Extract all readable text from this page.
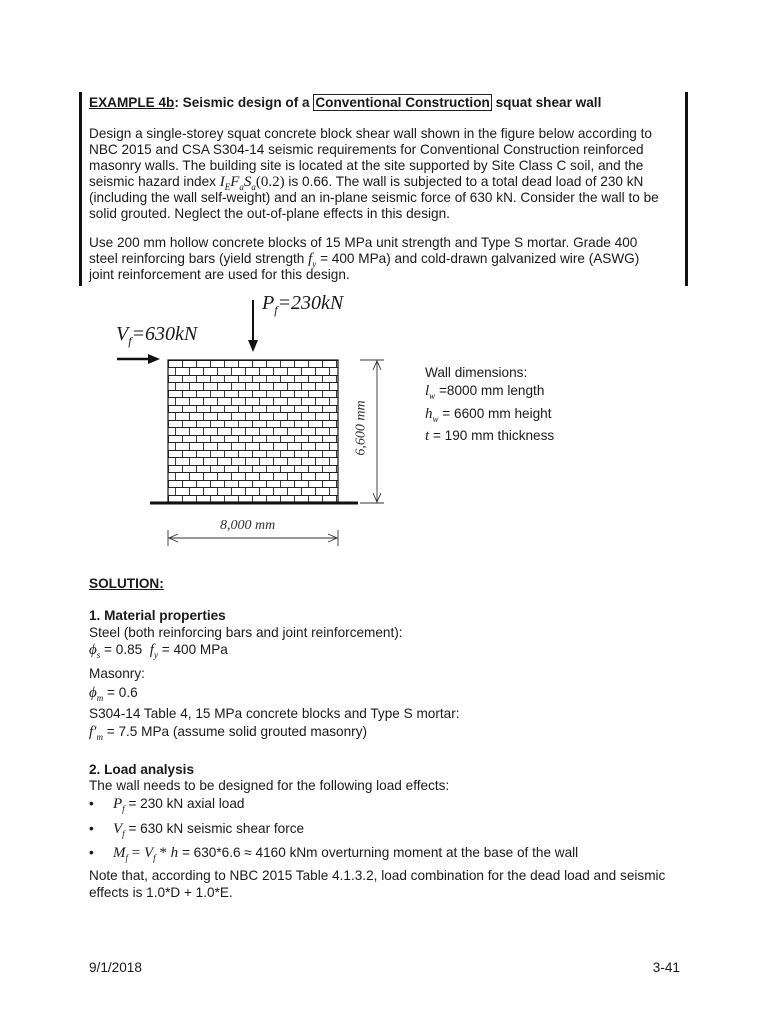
EXAMPLE 4b: Seismic design of a Conventional Construction squat shear wall
Design a single-storey squat concrete block shear wall shown in the figure below according to
NBC 2015 and CSA S304-14 seismic requirements for Conventional Construction reinforced
masonry walls. The building site is located at the site supported by Site Class C soil, and the
seismic hazard index $I_EF_aS_a(0.2)$ is 0.66. The wall is subjected to a total dead load of 230 kN
(including the wall self-weight) and an in-plane seismic force of 630 kN. Consider the wall to be
solid grouted. Neglect the out-of-plane effects in this design.
Use 200 mm hollow concrete blocks of 15 MPa unit strength and Type S mortar. Grade 400
steel reinforcing bars (yield strength $f_y = 400$ MPa) and cold-drawn galvanized wire (ASWG)
joint reinforcement are used for this design.
$P_f=230kN$
$V_f=630kN$
6,600 mm
8,000 mm
Wall dimensions:
$l_w =8000$ mm length
$h_w = 6600$ mm height
t = 190 mm thickness
SOLUTION:
1. Material properties
Steel (both reinforcing bars and joint reinforcement):
$\phi_s = 0.85$ $f_y = 400$ MPa
Masonry:
$\phi_m = 0.6$
S304-14 Table 4, 15 MPa concrete blocks and Type S mortar:
$f'_m = 7.5$ MPa (assume solid grouted masonry)
2. Load analysis
The wall needs to be designed for the following load effects:
• $P_f = 230$ kN axial load
• $V_f = 630$ kN seismic shear force
• $M_f = V_f * h = 630*6.6 \approx 4160$ kNm overturning moment at the base of the wall
Note that, according to NBC 2015 Table 4.1.3.2, load combination for the dead load and seismic
effects is 1.0*D + 1.0*E.
9/1/2018	3-41
